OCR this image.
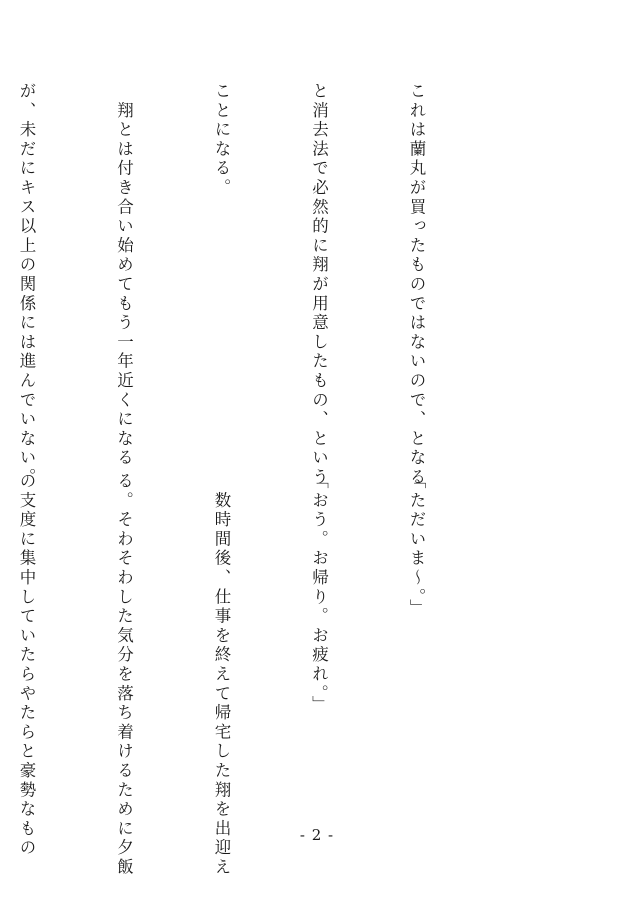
これは蘭丸が買ったものではないので、となる

と消去法で必然的に翔が用意したもの、という

ことになる。

　翔とは付き合い始めてもう一年近くになる

が、未だにキス以上の関係には進んでいない。

「ただいま〜。」

「おう。お帰り。お疲れ。」

　数時間後、仕事を終えて帰宅した翔を出迎え

る。そわそわした気分を落ち着けるために夕飯

の支度に集中していたらやたらと豪勢なもの

	- 2 -
